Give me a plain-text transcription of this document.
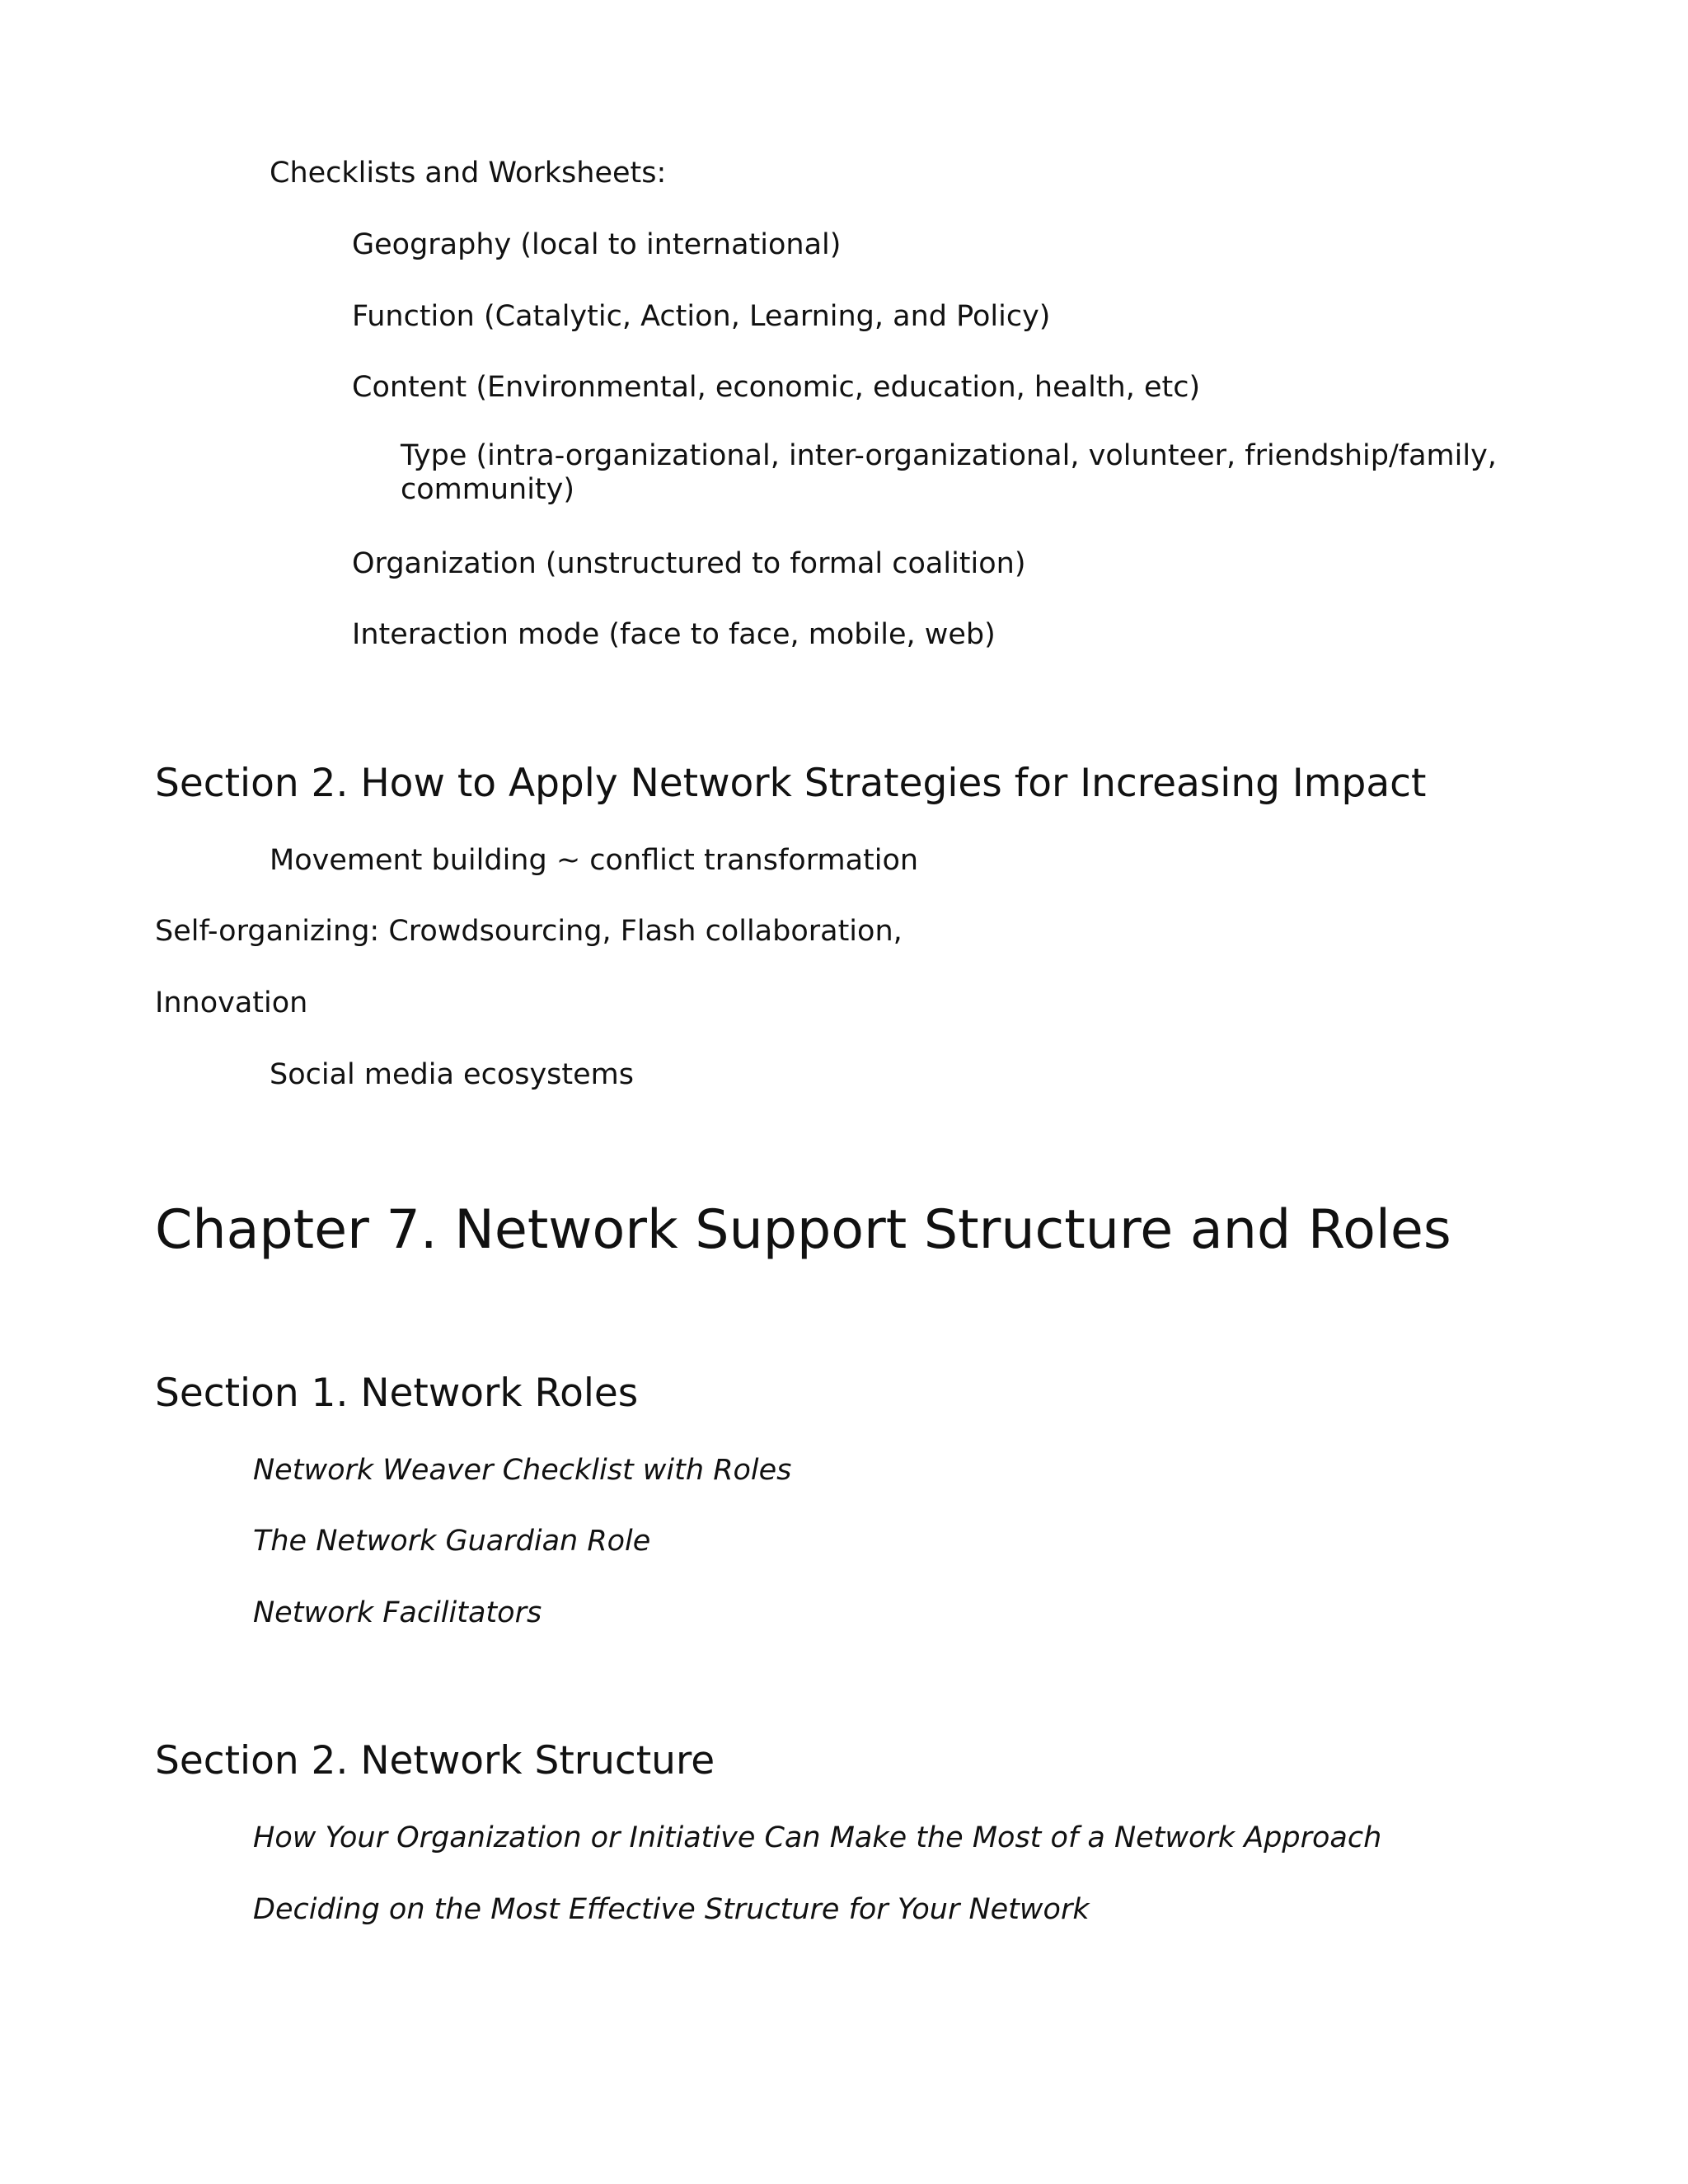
Checklists and Worksheets:

Geography (local to international)

Function (Catalytic, Action, Learning, and Policy)

Content (Environmental, economic, education, health, etc)

Type (intra-organizational, inter-organizational, volunteer, friendship/family, community)

Organization (unstructured to formal coalition)

Interaction mode (face to face, mobile, web)

Section 2. How to Apply Network Strategies for Increasing Impact

Movement building ~ conflict transformation

Self-organizing: Crowdsourcing, Flash collaboration,

Innovation

Social media ecosystems

Chapter 7. Network Support Structure and Roles
Section 1. Network Roles

Network Weaver Checklist with Roles

The Network Guardian Role

Network Facilitators

Section 2. Network Structure

How Your Organization or Initiative Can Make the Most of a Network Approach

Deciding on the Most Effective Structure for Your Network
